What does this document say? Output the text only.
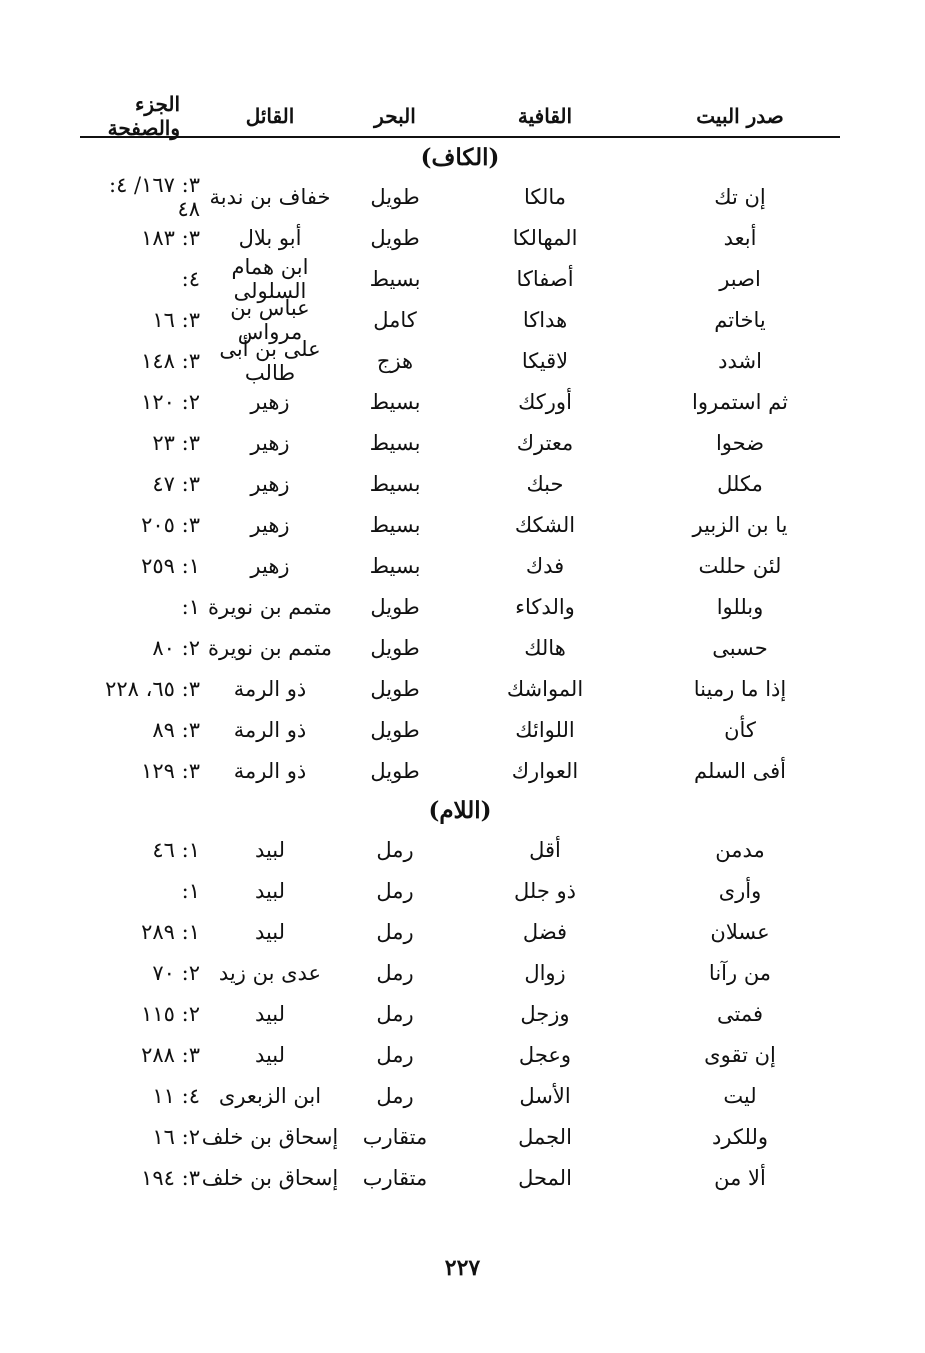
صدر البيت
القافية
البحر
القائل
الجزء والصفحة
(الكاف)
إن تك
مالكا
طويل
خفاف بن ندبة
٣: ١٦٧/ ٤: ٤٨
أبعد
المهالكا
طويل
أبو بلال
٣: ١٨٣
اصبر
أصفاكا
بسيط
ابن همام السلولى
٤:
ياخاتم
هداكا
كامل
عباس بن مرواس
٣: ١٦
اشدد
لاقيكا
هزج
على بن أبى طالب
٣: ١٤٨
ثم استمروا
أوركك
بسيط
زهير
٢: ١٢٠
ضحوا
معترك
بسيط
زهير
٣: ٢٣
مكلل
حبك
بسيط
زهير
٣: ٤٧
يا بن الزبير
الشكك
بسيط
زهير
٣: ٢٠٥
لئن حللت
فدك
بسيط
زهير
١: ٢٥٩
وبللوا
والدكاء
طويل
متمم بن نويرة
١:
حسبى
هالك
طويل
متمم بن نويرة
٢: ٨٠
إذا ما رمينا
المواشك
طويل
ذو الرمة
٣: ٦٥، ٢٢٨
كأن
اللوائك
طويل
ذو الرمة
٣: ٨٩
أفى السلم
العوارك
طويل
ذو الرمة
٣: ١٢٩
(اللام)
مدمن
أقل
رمل
لبيد
١: ٤٦
وأرى
ذو جلل
رمل
لبيد
١:
عسلان
فضل
رمل
لبيد
١: ٢٨٩
من رآنا
زوال
رمل
عدى بن زيد
٢: ٧٠
فمتى
وزجل
رمل
لبيد
٢: ١١٥
إن تقوى
وعجل
رمل
لبيد
٣: ٢٨٨
ليت
الأسل
رمل
ابن الزبعرى
٤: ١١
وللكرد
الجمل
متقارب
إسحاق بن خلف
٢: ١٦
ألا من
المحل
متقارب
إسحاق بن خلف
٣: ١٩٤
٢٢٧
